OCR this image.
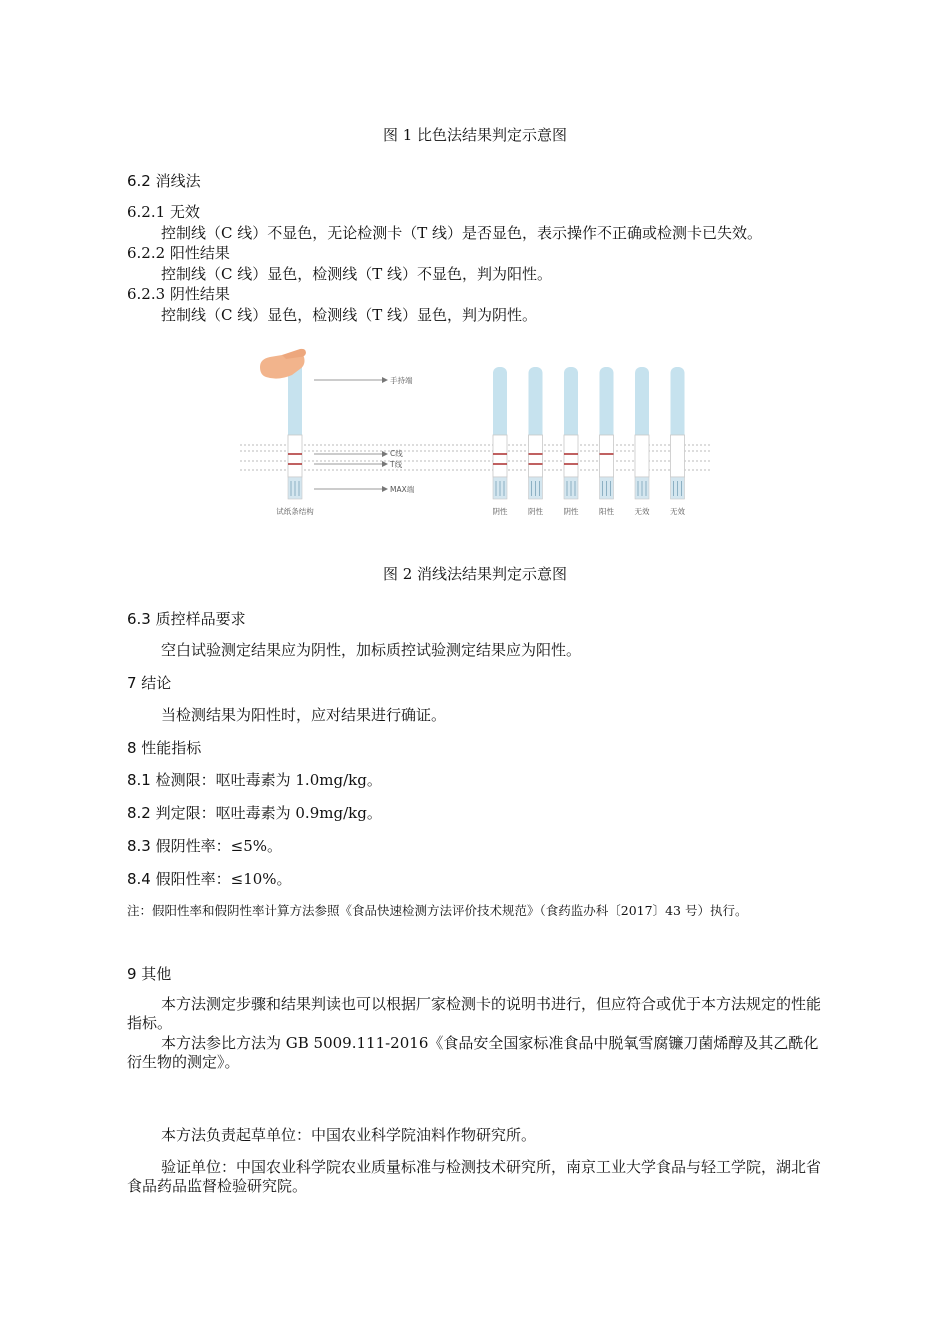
图 1 比色法结果判定示意图
6.2 消线法
6.2.1 无效
控制线（C 线）不显色，无论检测卡（T 线）是否显色，表示操作不正确或检测卡已失效。
6.2.2 阳性结果
控制线（C 线）显色，检测线（T 线）不显色，判为阳性。
6.2.3 阴性结果
控制线（C 线）显色，检测线（T 线）显色，判为阴性。
手持端
C线
T线
MAX端
试纸条结构	阴性	阴性	阴性	阳性	无效	无效
图 2 消线法结果判定示意图
6.3 质控样品要求
空白试验测定结果应为阴性，加标质控试验测定结果应为阳性。
7 结论
当检测结果为阳性时，应对结果进行确证。
8 性能指标
8.1 检测限：呕吐毒素为 1.0mg/kg。
8.2 判定限：呕吐毒素为 0.9mg/kg。
8.3 假阴性率：≤5%。
8.4 假阳性率：≤10%。
注：假阳性率和假阴性率计算方法参照《食品快速检测方法评价技术规范》（食药监办科〔2017〕43 号）执行。
9 其他
本方法测定步骤和结果判读也可以根据厂家检测卡的说明书进行，但应符合或优于本方法规定的性能指标。
本方法参比方法为 GB 5009.111-2016《食品安全国家标准食品中脱氧雪腐镰刀菌烯醇及其乙酰化衍生物的测定》。
本方法负责起草单位：中国农业科学院油料作物研究所。
验证单位：中国农业科学院农业质量标准与检测技术研究所，南京工业大学食品与轻工学院，湖北省食品药品监督检验研究院。
